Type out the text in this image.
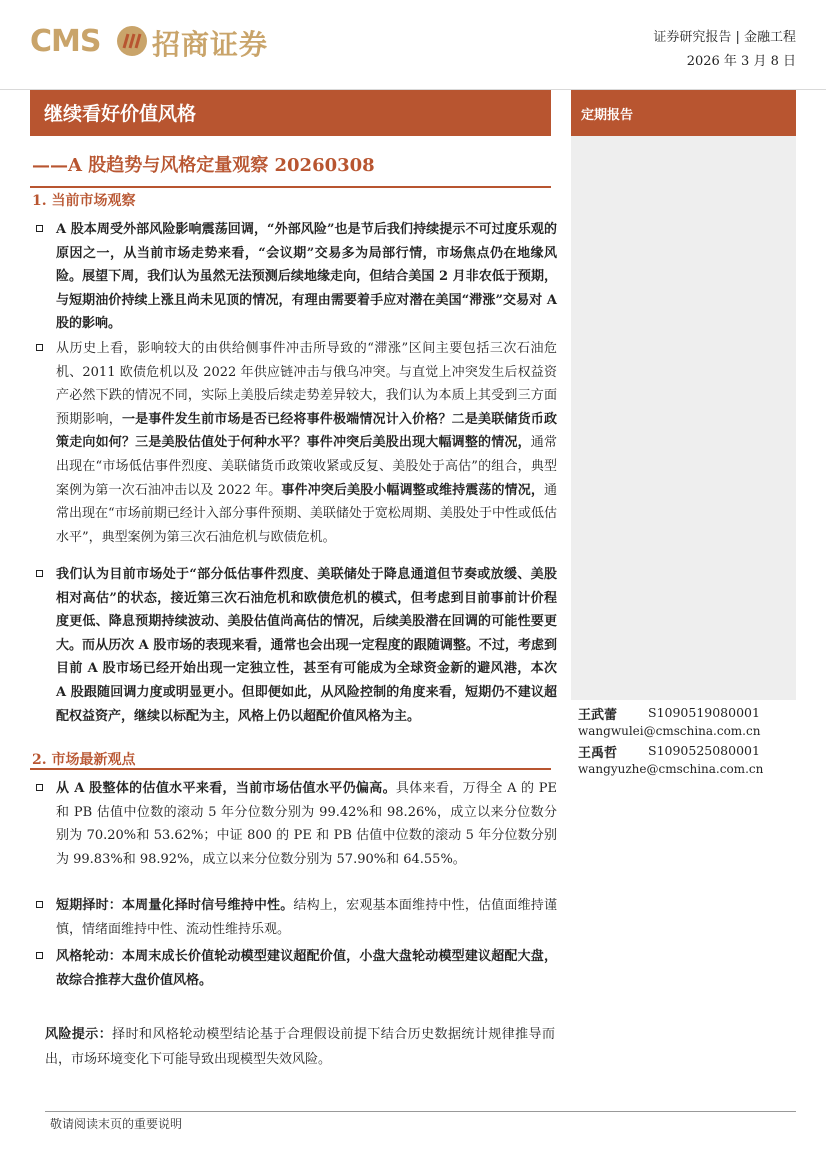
CMS 招商证券	证券研究报告 | 金融工程
2026 年 3 月 8 日
继续看好价值风格
——A 股趋势与风格定量观察 20260308
定期报告
王武蕾 S1090519080001
wangwulei@cmschina.com.cn
王禹哲 S1090525080001
wangyuzhe@cmschina.com.cn
1. 当前市场观察
A 股本周受外部风险影响震荡回调，“外部风险”也是节后我们持续提示不可过度乐观的原因之一，从当前市场走势来看，“会议期”交易多为局部行情，市场焦点仍在地缘风险。展望下周，我们认为虽然无法预测后续地缘走向，但结合美国 2 月非农低于预期，与短期油价持续上涨且尚未见顶的情况，有理由需要着手应对潜在美国“滞涨”交易对 A 股的影响。
从历史上看，影响较大的由供给侧事件冲击所导致的“滞涨”区间主要包括三次石油危机、2011 欧债危机以及 2022 年供应链冲击与俄乌冲突。与直觉上冲突发生后权益资产必然下跌的情况不同，实际上美股后续走势差异较大，我们认为本质上其受到三方面预期影响，一是事件发生前市场是否已经将事件极端情况计入价格？二是美联储货币政策走向如何？三是美股估值处于何种水平？事件冲突后美股出现大幅调整的情况，通常出现在“市场低估事件烈度、美联储货币政策收紧或反复、美股处于高估”的组合，典型案例为第一次石油冲击以及 2022 年。事件冲突后美股小幅调整或维持震荡的情况，通常出现在“市场前期已经计入部分事件预期、美联储处于宽松周期、美股处于中性或低估水平”，典型案例为第三次石油危机与欧债危机。
我们认为目前市场处于“部分低估事件烈度、美联储处于降息通道但节奏或放缓、美股相对高估”的状态，接近第三次石油危机和欧债危机的模式，但考虑到目前事前计价程度更低、降息预期持续波动、美股估值尚高估的情况，后续美股潜在回调的可能性要更大。而从历次 A 股市场的表现来看，通常也会出现一定程度的跟随调整。不过，考虑到目前 A 股市场已经开始出现一定独立性，甚至有可能成为全球资金新的避风港，本次 A 股跟随回调力度或明显更小。但即便如此，从风险控制的角度来看，短期仍不建议超配权益资产，继续以标配为主，风格上仍以超配价值风格为主。
2. 市场最新观点
从 A 股整体的估值水平来看，当前市场估值水平仍偏高。具体来看，万得全 A 的 PE 和 PB 估值中位数的滚动 5 年分位数分别为 99.42%和 98.26%，成立以来分位数分别为 70.20%和 53.62%；中证 800 的 PE 和 PB 估值中位数的滚动 5 年分位数分别为 99.83%和 98.92%，成立以来分位数分别为 57.90%和 64.55%。
短期择时：本周量化择时信号维持中性。结构上，宏观基本面维持中性，估值面维持谨慎，情绪面维持中性、流动性维持乐观。
风格轮动：本周末成长价值轮动模型建议超配价值，小盘大盘轮动模型建议超配大盘，故综合推荐大盘价值风格。
风险提示：择时和风格轮动模型结论基于合理假设前提下结合历史数据统计规律推导而出，市场环境变化下可能导致出现模型失效风险。
敬请阅读末页的重要说明
